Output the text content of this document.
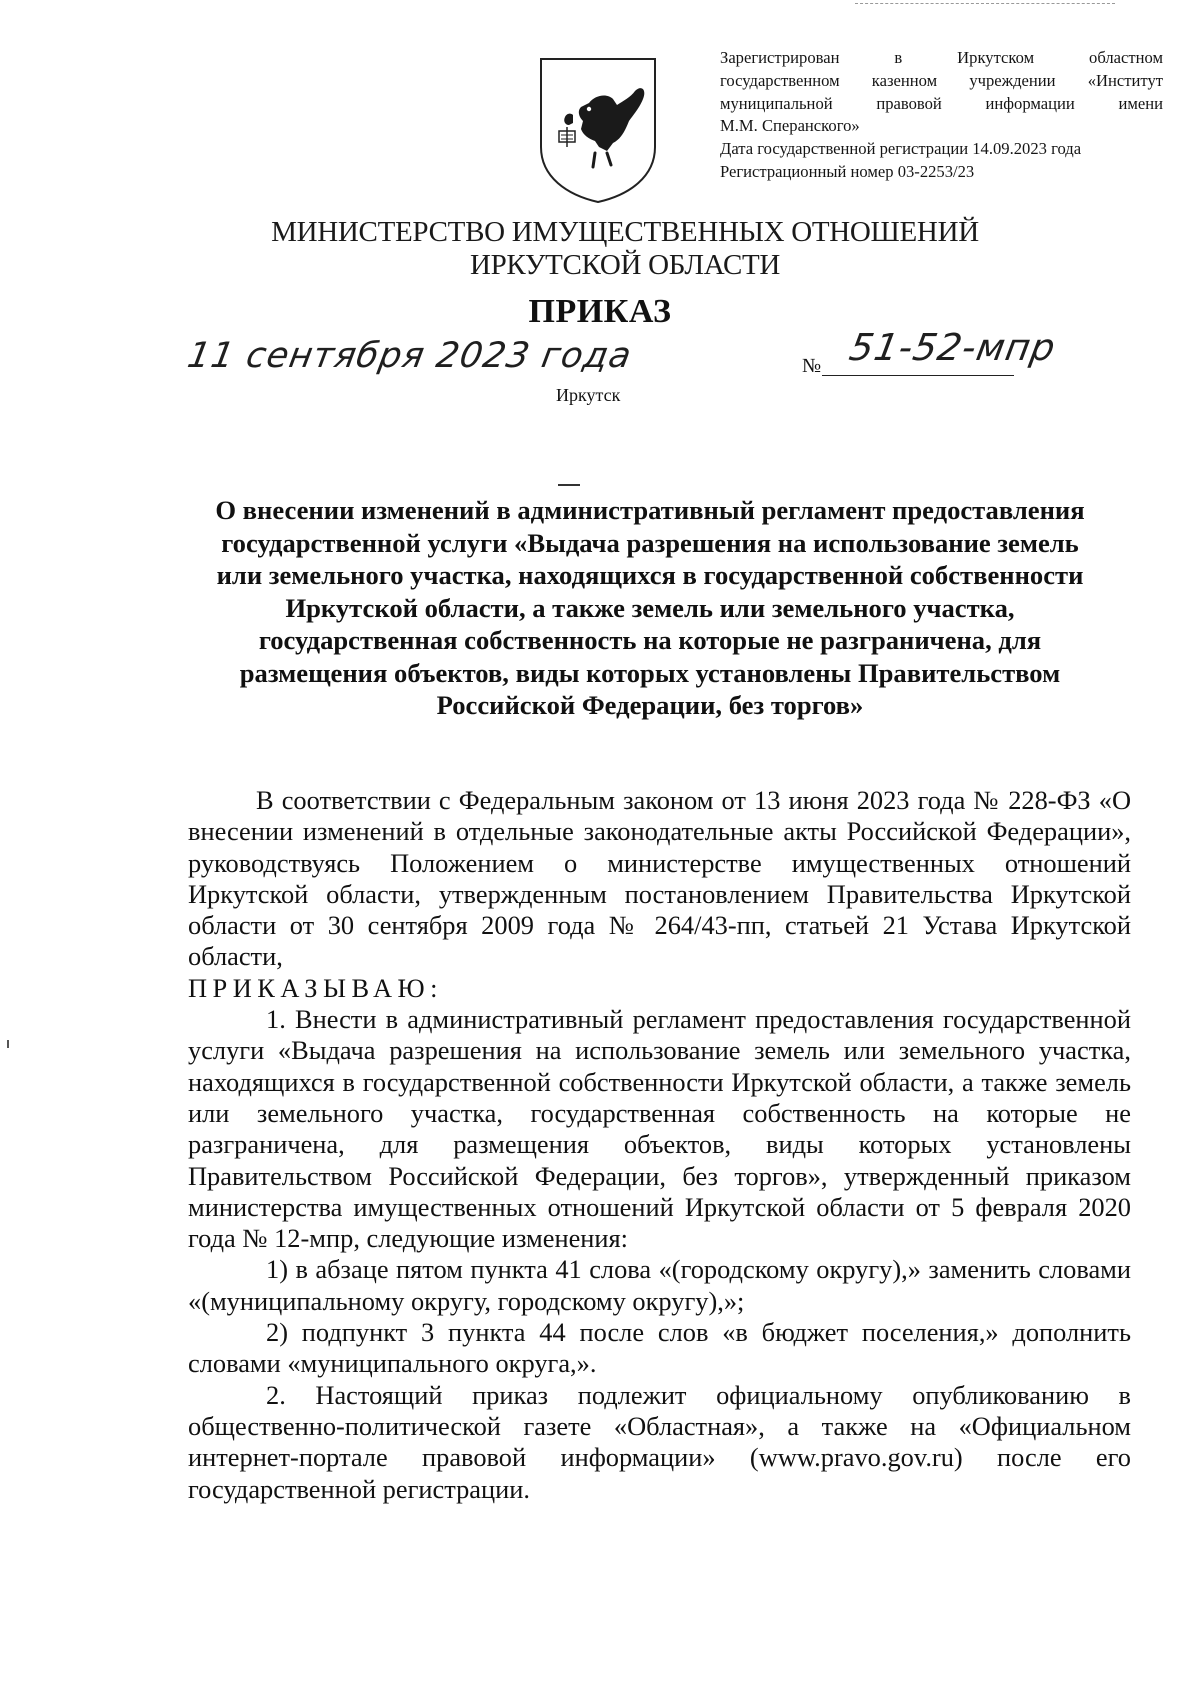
Зарегистрирован в Иркутском областном
государственном казенном учреждении «Институт
муниципальной правовой информации имени
М.М. Сперанского»
Дата государственной регистрации 14.09.2023 года
Регистрационный номер 03-2253/23
МИНИСТЕРСТВО ИМУЩЕСТВЕННЫХ ОТНОШЕНИЙ
ИРКУТСКОЙ ОБЛАСТИ
ПРИКАЗ
11 сентября 2023 года	№ 51-52-мпр
Иркутск
О внесении изменений в административный регламент предоставления
государственной услуги «Выдача разрешения на использование земель
или земельного участка, находящихся в государственной собственности
Иркутской области, а также земель или земельного участка,
государственная собственность на которые не разграничена, для
размещения объектов, виды которых установлены Правительством
Российской Федерации, без торгов»

В соответствии с Федеральным законом от 13 июня 2023 года № 228-ФЗ «О внесении изменений в отдельные законодательные акты Российской Федерации», руководствуясь Положением о министерстве имущественных отношений Иркутской области, утвержденным постановлением Правительства Иркутской области от 30 сентября 2009 года № 264/43-пп, статьей 21 Устава Иркутской области,

ПРИКАЗЫВАЮ:

1. Внести в административный регламент предоставления государственной услуги «Выдача разрешения на использование земель или земельного участка, находящихся в государственной собственности Иркутской области, а также земель или земельного участка, государственная собственность на которые не разграничена, для размещения объектов, виды которых установлены Правительством Российской Федерации, без торгов», утвержденный приказом министерства имущественных отношений Иркутской области от 5 февраля 2020 года № 12-мпр, следующие изменения:

1) в абзаце пятом пункта 41 слова «(городскому округу),» заменить словами «(муниципальному округу, городскому округу),»;

2) подпункт 3 пункта 44 после слов «в бюджет поселения,» дополнить словами «муниципального округа,».

2. Настоящий приказ подлежит официальному опубликованию в общественно-политической газете «Областная», а также на «Официальном интернет-портале правовой информации» (www.pravo.gov.ru) после его государственной регистрации.
